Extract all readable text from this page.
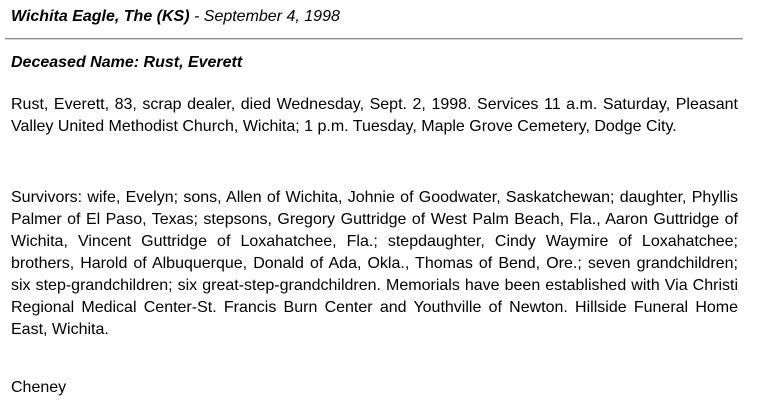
Wichita Eagle, The (KS) - September 4, 1998
Deceased Name: Rust, Everett

Rust, Everett, 83, scrap dealer, died Wednesday, Sept. 2, 1998. Services 11 a.m. Saturday, Pleasant Valley United Methodist Church, Wichita; 1 p.m. Tuesday, Maple Grove Cemetery, Dodge City.

Survivors: wife, Evelyn; sons, Allen of Wichita, Johnie of Goodwater, Saskatchewan; daughter, Phyllis Palmer of El Paso, Texas; stepsons, Gregory Guttridge of West Palm Beach, Fla., Aaron Guttridge of Wichita, Vincent Guttridge of Loxahatchee, Fla.; stepdaughter, Cindy Waymire of Loxahatchee; brothers, Harold of Albuquerque, Donald of Ada, Okla., Thomas of Bend, Ore.; seven grandchildren; six step-grandchildren; six great-step-grandchildren. Memorials have been established with Via Christi Regional Medical Center-St. Francis Burn Center and Youthville of Newton. Hillside Funeral Home East, Wichita.

Cheney
